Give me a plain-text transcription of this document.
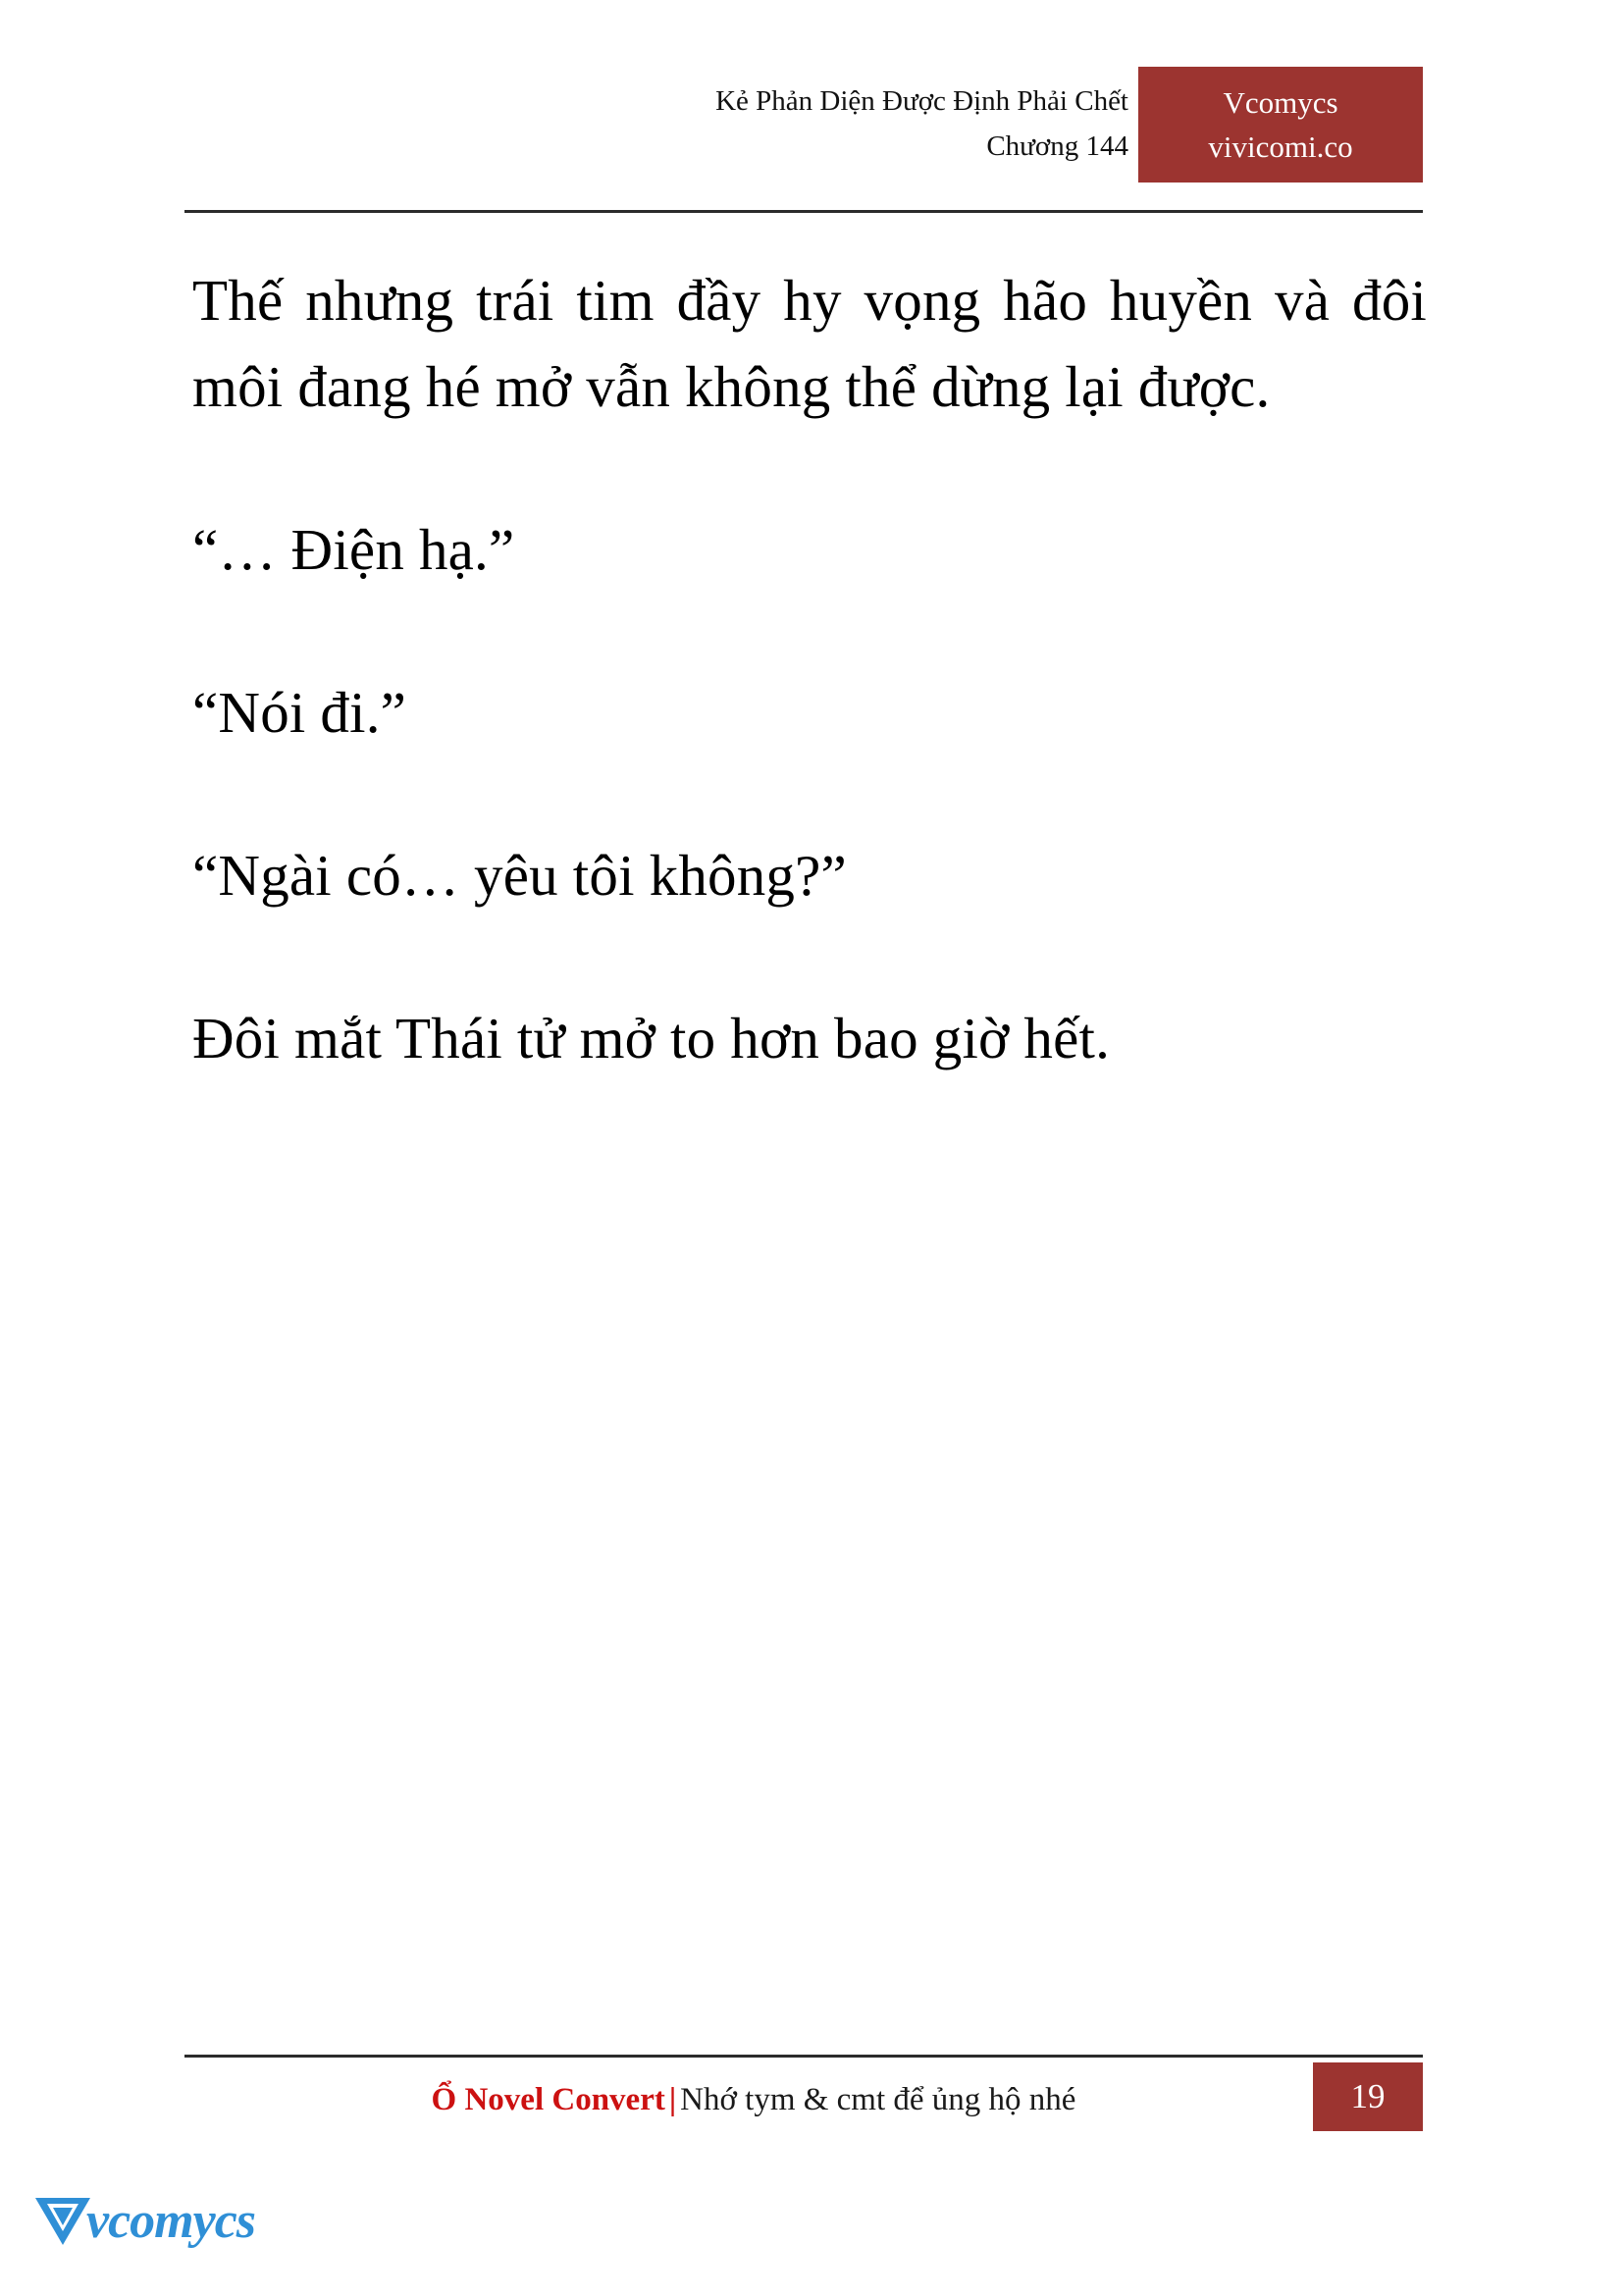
Kẻ Phản Diện Được Định Phải Chết
Chương 144
Vcomycs
vivicomi.co

Thế nhưng trái tim đầy hy vọng hão huyền và đôi môi đang hé mở vẫn không thể dừng lại được.

“… Điện hạ.”

“Nói đi.”

“Ngài có… yêu tôi không?”

Đôi mắt Thái tử mở to hơn bao giờ hết.

Ổ Novel Convert | Nhớ tym & cmt để ủng hộ nhé	19
vcomycs
